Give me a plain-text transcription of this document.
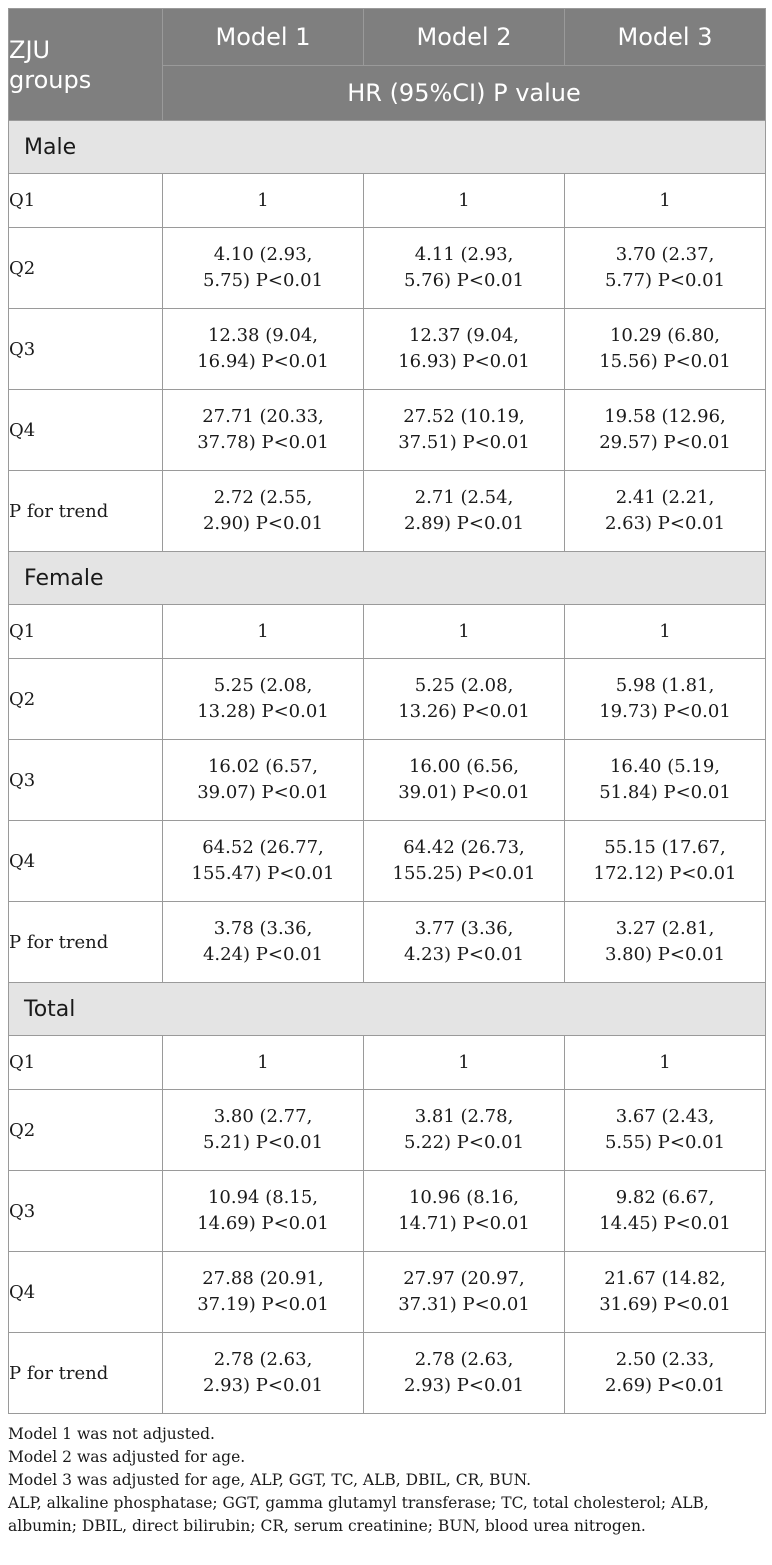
ZJU
groups	Model 1	Model 2	Model 3
	HR (95%CI) P value		
Male			
Q1	1	1	1

Q2	4.10 (2.93,
5.75) P<0.01	4.11 (2.93,
5.76) P<0.01	3.70 (2.37,
5.77) P<0.01

Q3	12.38 (9.04,
16.94) P<0.01	12.37 (9.04,
16.93) P<0.01	10.29 (6.80,
15.56) P<0.01

Q4	27.71 (20.33,
37.78) P<0.01	27.52 (10.19,
37.51) P<0.01	19.58 (12.96,
29.57) P<0.01

P for trend	2.72 (2.55,
2.90) P<0.01	2.71 (2.54,
2.89) P<0.01	2.41 (2.21,
2.63) P<0.01

Female			
Q1	1	1	1

Q2	5.25 (2.08,
13.28) P<0.01	5.25 (2.08,
13.26) P<0.01	5.98 (1.81,
19.73) P<0.01

Q3	16.02 (6.57,
39.07) P<0.01	16.00 (6.56,
39.01) P<0.01	16.40 (5.19,
51.84) P<0.01

Q4	64.52 (26.77,
155.47) P<0.01	64.42 (26.73,
155.25) P<0.01	55.15 (17.67,
172.12) P<0.01

P for trend	3.78 (3.36,
4.24) P<0.01	3.77 (3.36,
4.23) P<0.01	3.27 (2.81,
3.80) P<0.01

Total			
Q1	1	1	1

Q2	3.80 (2.77,
5.21) P<0.01	3.81 (2.78,
5.22) P<0.01	3.67 (2.43,
5.55) P<0.01

Q3	10.94 (8.15,
14.69) P<0.01	10.96 (8.16,
14.71) P<0.01	9.82 (6.67,
14.45) P<0.01

Q4	27.88 (20.91,
37.19) P<0.01	27.97 (20.97,
37.31) P<0.01	21.67 (14.82,
31.69) P<0.01

P for trend	2.78 (2.63,
2.93) P<0.01	2.78 (2.63,
2.93) P<0.01	2.50 (2.33,
2.69) P<0.01
Model 1 was not adjusted.
Model 2 was adjusted for age.
Model 3 was adjusted for age, ALP, GGT, TC, ALB, DBIL, CR, BUN.
ALP, alkaline phosphatase; GGT, gamma glutamyl transferase; TC, total cholesterol; ALB, albumin; DBIL, direct bilirubin; CR, serum creatinine; BUN, blood urea nitrogen.
